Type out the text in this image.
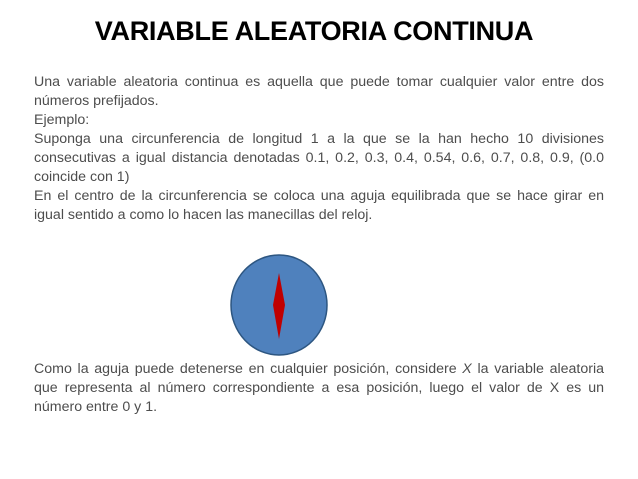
VARIABLE ALEATORIA CONTINUA

Una variable aleatoria continua es aquella que puede tomar cualquier valor entre dos números prefijados.

Ejemplo:

Suponga una circunferencia de longitud 1 a la que se la han hecho 10 divisiones consecutivas a igual distancia denotadas 0.1, 0.2, 0.3, 0.4, 0.54, 0.6, 0.7, 0.8, 0.9, (0.0 coincide con 1)

En el centro de la circunferencia se coloca una aguja equilibrada que se hace girar en igual sentido a como lo hacen las manecillas del reloj.

Como la aguja puede detenerse en cualquier posición, considere X la variable aleatoria que representa al número correspondiente a esa posición, luego el valor de X es un número entre 0 y 1.
